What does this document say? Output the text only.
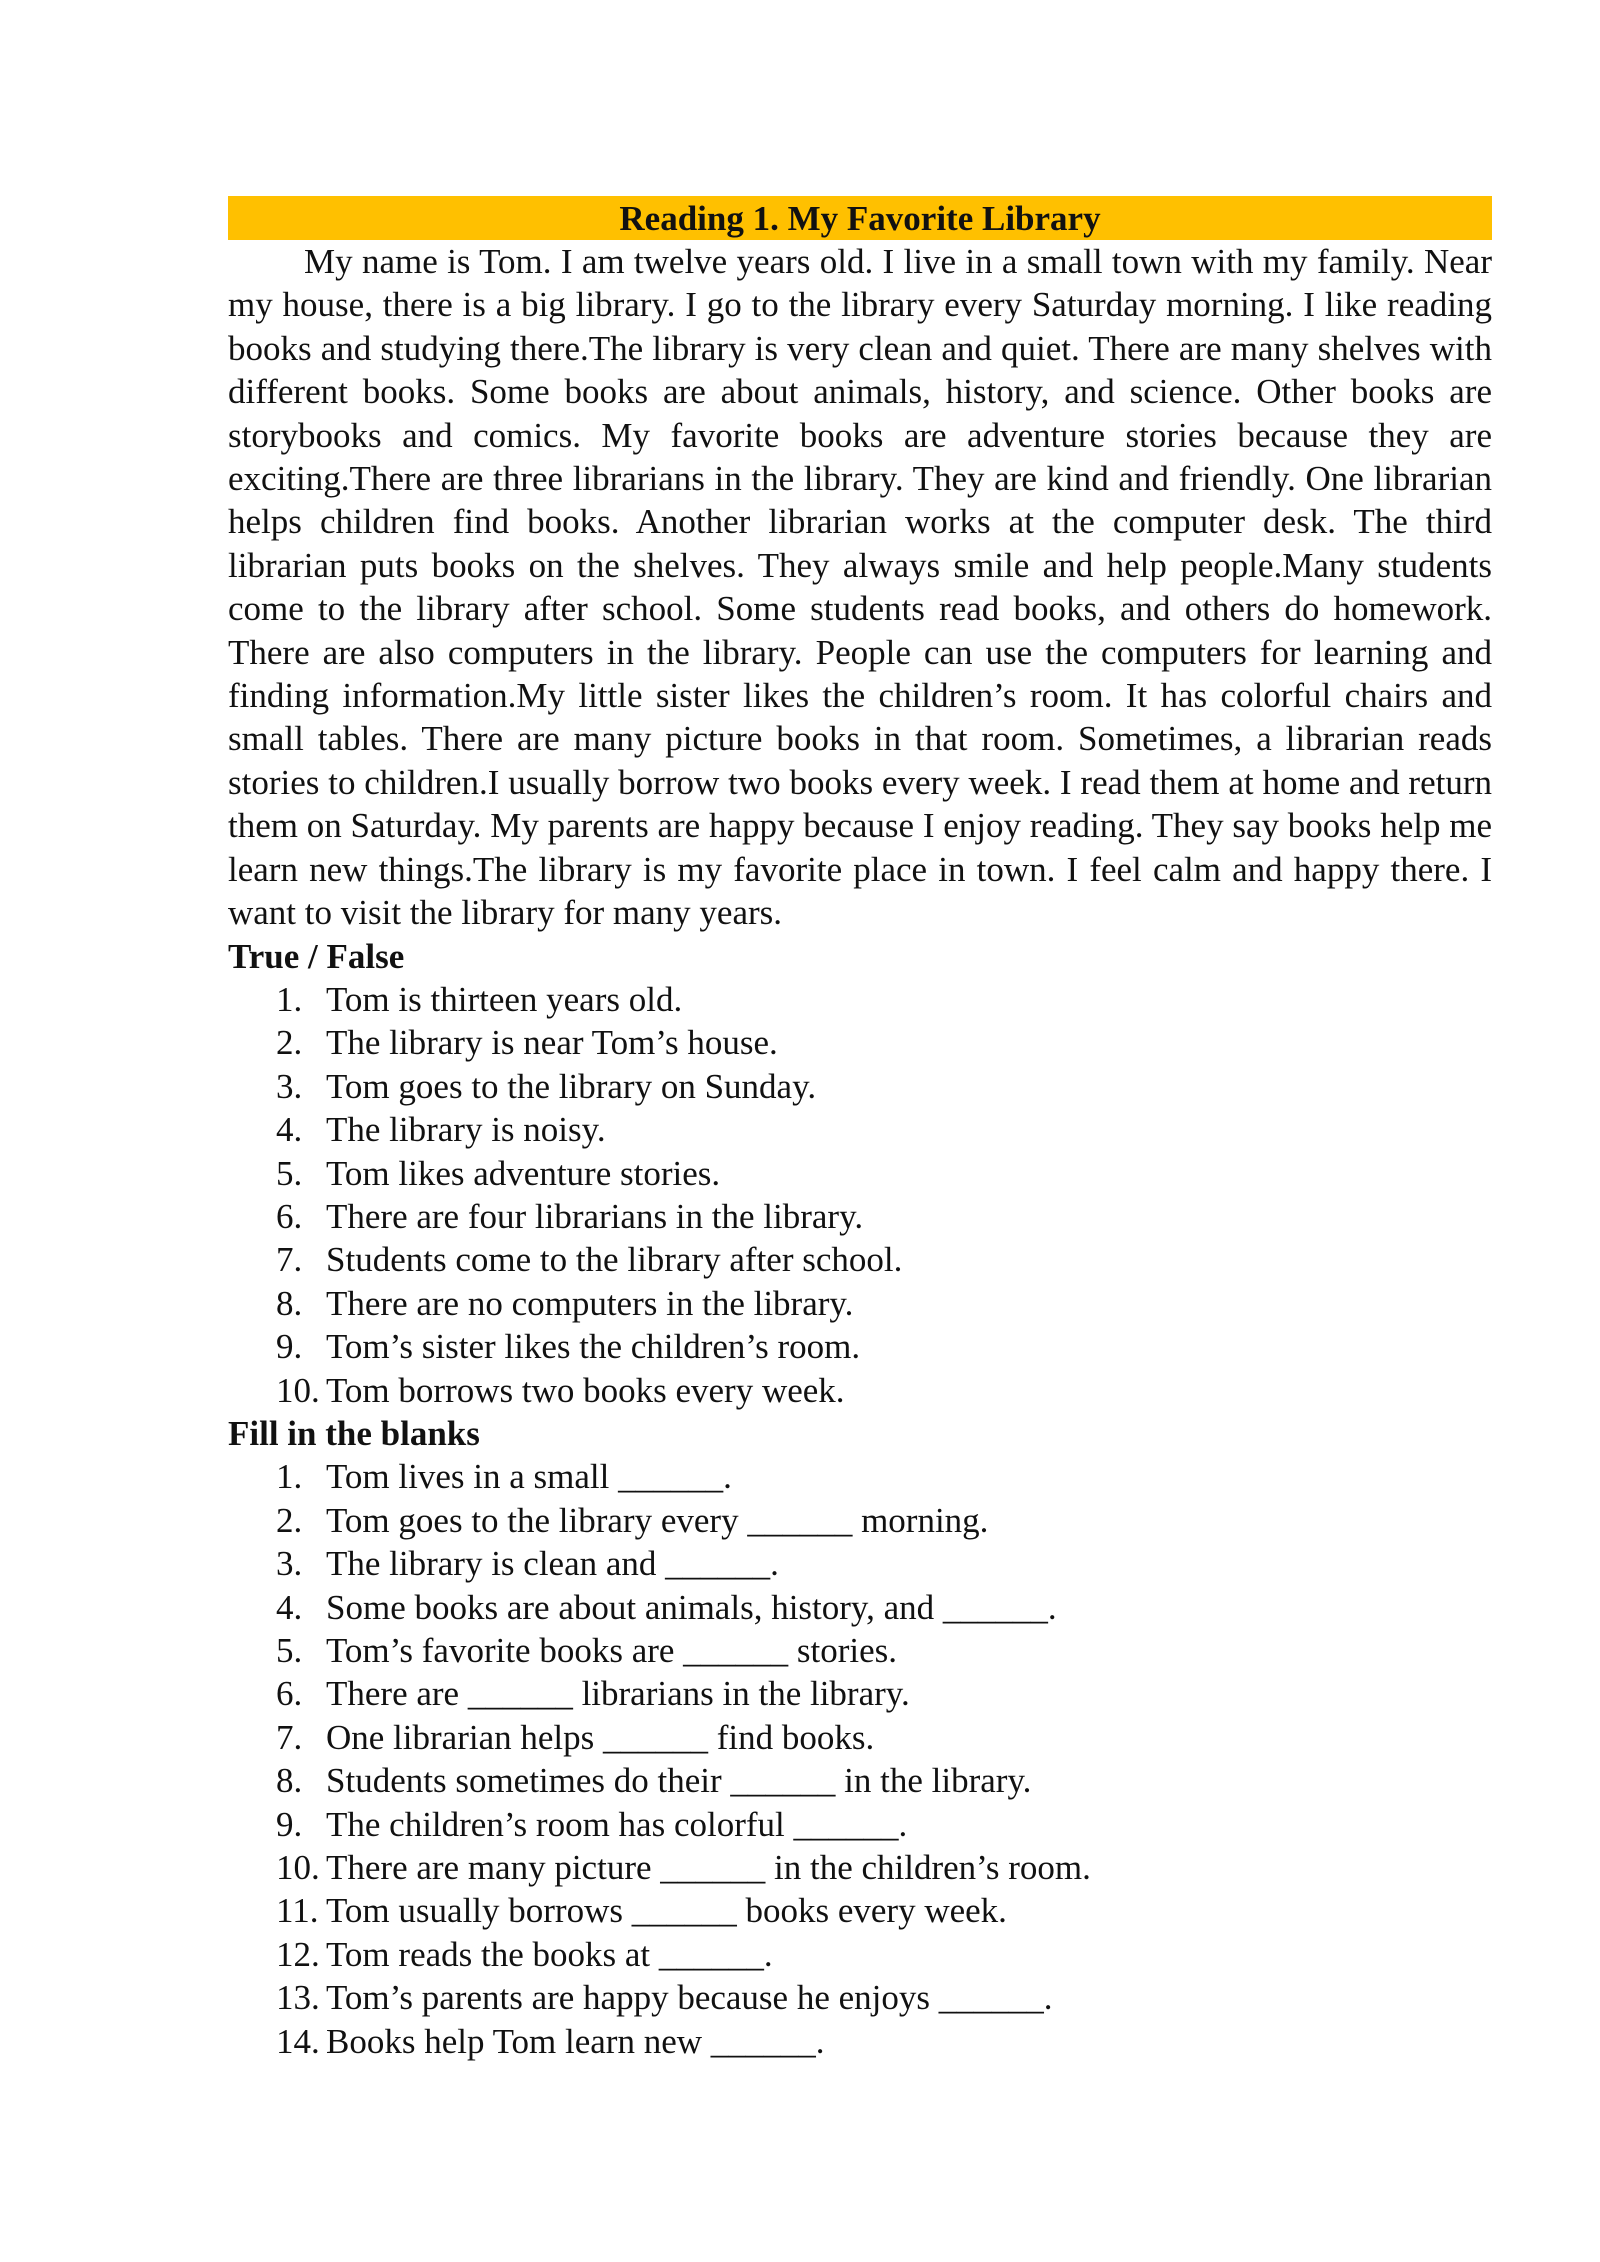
Reading 1. My Favorite Library

My name is Tom. I am twelve years old. I live in a small town with my family. Near my house, there is a big library. I go to the library every Saturday morning. I like reading books and studying there.The library is very clean and quiet. There are many shelves with different books. Some books are about animals, history, and science. Other books are storybooks and comics. My favorite books are adventure stories because they are exciting.There are three librarians in the library. They are kind and friendly. One librarian helps children find books. Another librarian works at the computer desk. The third librarian puts books on the shelves. They always smile and help people.Many students come to the library after school. Some students read books, and others do homework. There are also computers in the library. People can use the computers for learning and finding information.My little sister likes the children’s room. It has colorful chairs and small tables. There are many picture books in that room. Sometimes, a librarian reads stories to children.I usually borrow two books every week. I read them at home and return them on Saturday. My parents are happy because I enjoy reading. They say books help me learn new things.The library is my favorite place in town. I feel calm and happy there. I want to visit the library for many years.

True / False

1. Tom is thirteen years old.
2. The library is near Tom’s house.
3. Tom goes to the library on Sunday.
4. The library is noisy.
5. Tom likes adventure stories.
6. There are four librarians in the library.
7. Students come to the library after school.
8. There are no computers in the library.
9. Tom’s sister likes the children’s room.
10. Tom borrows two books every week.

Fill in the blanks

1. Tom lives in a small ______.
2. Tom goes to the library every ______ morning.
3. The library is clean and ______.
4. Some books are about animals, history, and ______.
5. Tom’s favorite books are ______ stories.
6. There are ______ librarians in the library.
7. One librarian helps ______ find books.
8. Students sometimes do their ______ in the library.
9. The children’s room has colorful ______.
10. There are many picture ______ in the children’s room.
11. Tom usually borrows ______ books every week.
12. Tom reads the books at ______.
13. Tom’s parents are happy because he enjoys ______.
14. Books help Tom learn new ______.
